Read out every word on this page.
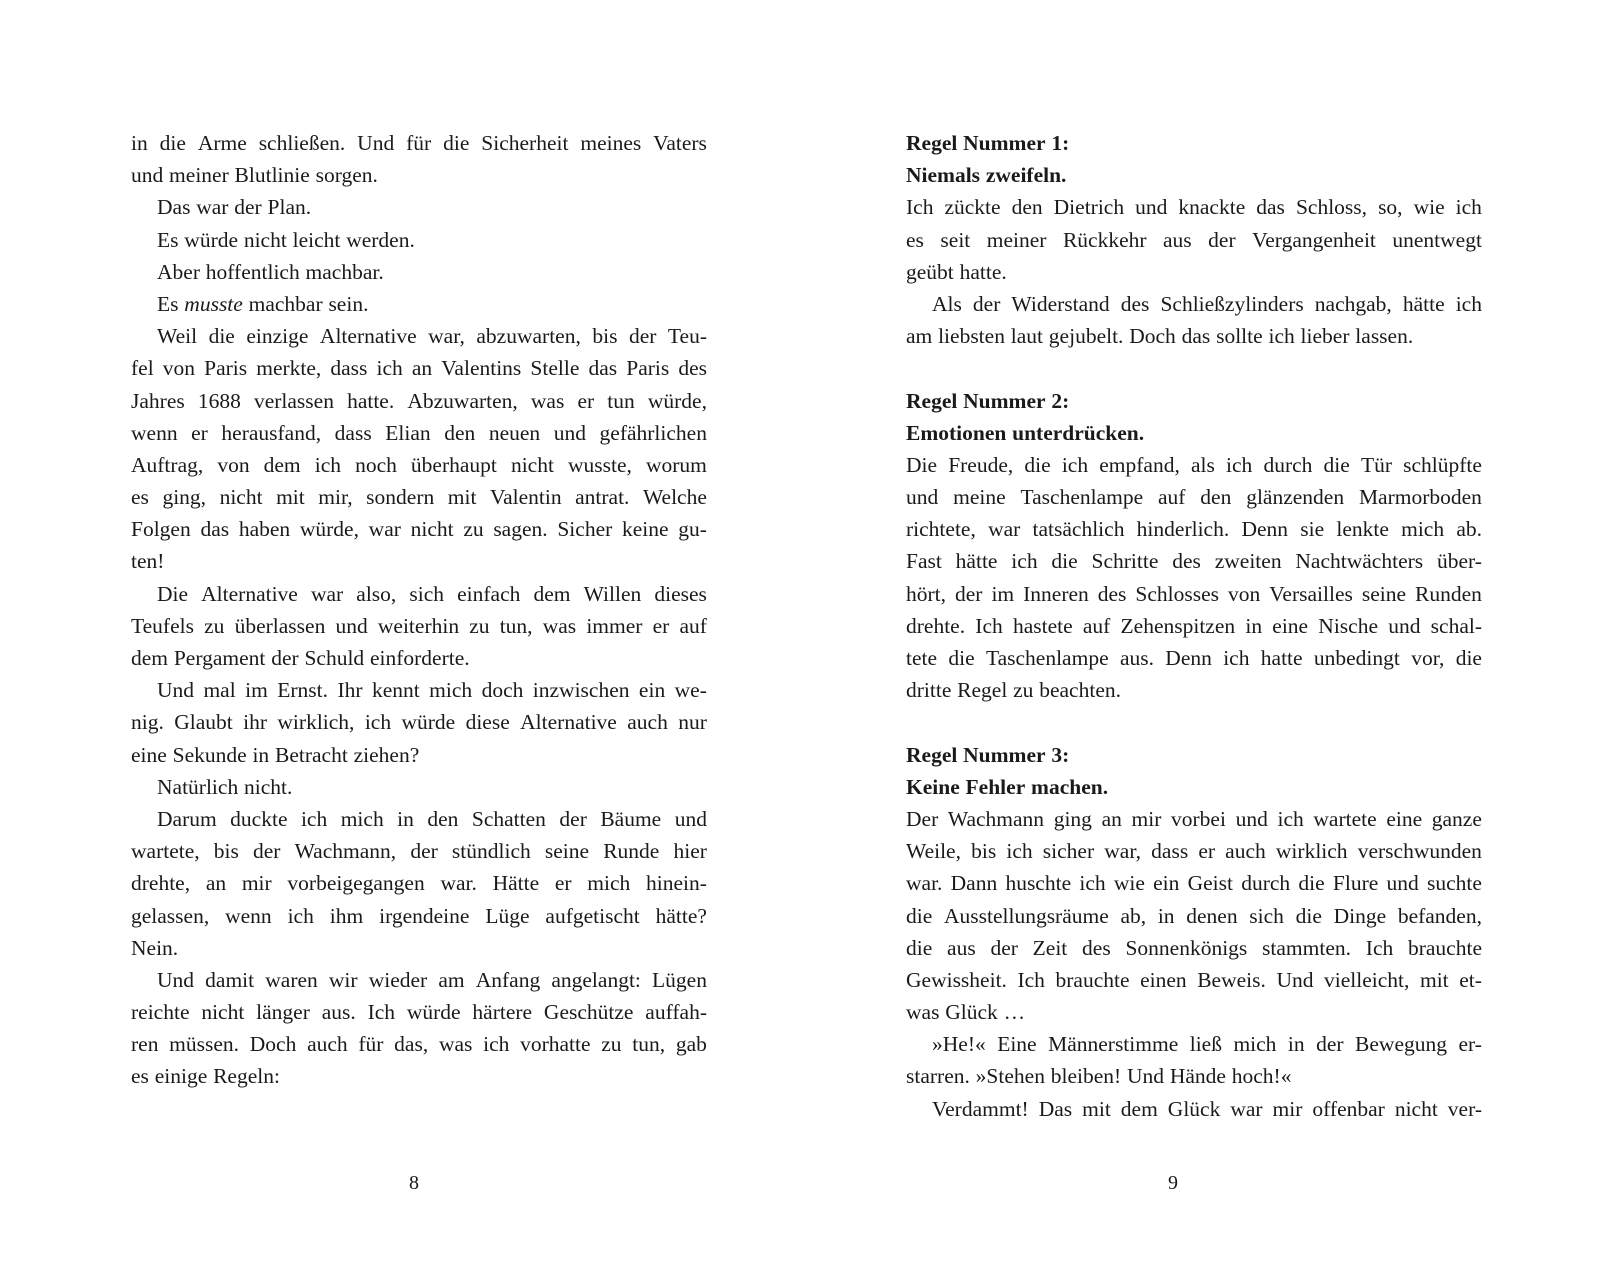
in die Arme schließen. Und für die Sicherheit meines Vaters
und meiner Blutlinie sorgen.
Das war der Plan.
Es würde nicht leicht werden.
Aber hoffentlich machbar.
Es musste machbar sein.
Weil die einzige Alternative war, abzuwarten, bis der Teu-
fel von Paris merkte, dass ich an Valentins Stelle das Paris des
Jahres 1688 verlassen hatte. Abzuwarten, was er tun würde,
wenn er herausfand, dass Elian den neuen und gefährlichen
Auftrag, von dem ich noch überhaupt nicht wusste, worum
es ging, nicht mit mir, sondern mit Valentin antrat. Welche
Folgen das haben würde, war nicht zu sagen. Sicher keine gu-
ten!
Die Alternative war also, sich einfach dem Willen dieses
Teufels zu überlassen und weiterhin zu tun, was immer er auf
dem Pergament der Schuld einforderte.
Und mal im Ernst. Ihr kennt mich doch inzwischen ein we-
nig. Glaubt ihr wirklich, ich würde diese Alternative auch nur
eine Sekunde in Betracht ziehen?
Natürlich nicht.
Darum duckte ich mich in den Schatten der Bäume und
wartete, bis der Wachmann, der stündlich seine Runde hier
drehte, an mir vorbeigegangen war. Hätte er mich hinein-
gelassen, wenn ich ihm irgendeine Lüge aufgetischt hätte?
Nein.
Und damit waren wir wieder am Anfang angelangt: Lügen
reichte nicht länger aus. Ich würde härtere Geschütze auffah-
ren müssen. Doch auch für das, was ich vorhatte zu tun, gab
es einige Regeln:
8
Regel Nummer 1:
Niemals zweifeln.
Ich zückte den Dietrich und knackte das Schloss, so, wie ich
es seit meiner Rückkehr aus der Vergangenheit unentwegt
geübt hatte.
Als der Widerstand des Schließzylinders nachgab, hätte ich
am liebsten laut gejubelt. Doch das sollte ich lieber lassen.
Regel Nummer 2:
Emotionen unterdrücken.
Die Freude, die ich empfand, als ich durch die Tür schlüpfte
und meine Taschenlampe auf den glänzenden Marmorboden
richtete, war tatsächlich hinderlich. Denn sie lenkte mich ab.
Fast hätte ich die Schritte des zweiten Nachtwächters über-
hört, der im Inneren des Schlosses von Versailles seine Runden
drehte. Ich hastete auf Zehenspitzen in eine Nische und schal-
tete die Taschenlampe aus. Denn ich hatte unbedingt vor, die
dritte Regel zu beachten.
Regel Nummer 3:
Keine Fehler machen.
Der Wachmann ging an mir vorbei und ich wartete eine ganze
Weile, bis ich sicher war, dass er auch wirklich verschwunden
war. Dann huschte ich wie ein Geist durch die Flure und suchte
die Ausstellungsräume ab, in denen sich die Dinge befanden,
die aus der Zeit des Sonnenkönigs stammten. Ich brauchte
Gewissheit. Ich brauchte einen Beweis. Und vielleicht, mit et-
was Glück …
»He!« Eine Männerstimme ließ mich in der Bewegung er-
starren. »Stehen bleiben! Und Hände hoch!«
Verdammt! Das mit dem Glück war mir offenbar nicht ver-
9
